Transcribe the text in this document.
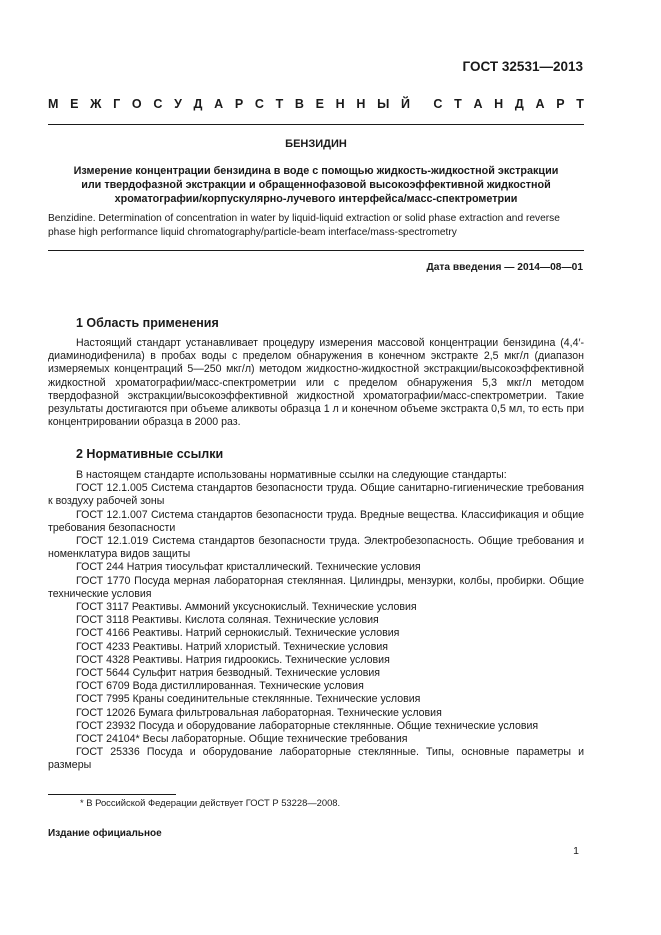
ГОСТ 32531—2013
М Е Ж Г О С У Д А Р С Т В Е Н Н Ы Й С Т А Н Д А Р Т
БЕНЗИДИН
Измерение концентрации бензидина в воде с помощью жидкость-жидкостной экстракции
или твердофазной экстракции и обращеннофазовой высокоэффективной жидкостной
хроматографии/корпускулярно-лучевого интерфейса/масс-спектрометрии
Benzidine. Determination of concentration in water by liquid-liquid extraction or solid phase extraction and reverse
phase high performance liquid chromatography/particle-beam interface/mass-spectrometry
Дата введения — 2014—08—01
1 Область применения

Настоящий стандарт устанавливает процедуру измерения массовой концентрации бензидина (4,4′-диаминодифенила) в пробах воды с пределом обнаружения в конечном экстракте 2,5 мкг/л (диапазон измеряемых концентраций 5—250 мкг/л) методом жидкостно-жидкостной экстракции/высокоэффективной жидкостной хроматографии/масс-спектрометрии или с пределом обнаружения 5,3 мкг/л методом твердофазной экстракции/высокоэффективной жидкостной хроматографии/масс-спектрометрии. Такие результаты достигаются при объеме аликвоты образца 1 л и конечном объеме экстракта 0,5 мл, то есть при концентрировании образца в 2000 раз.

2 Нормативные ссылки

В настоящем стандарте использованы нормативные ссылки на следующие стандарты:

ГОСТ 12.1.005 Система стандартов безопасности труда. Общие санитарно-гигиенические требования к воздуху рабочей зоны

ГОСТ 12.1.007 Система стандартов безопасности труда. Вредные вещества. Классификация и общие требования безопасности

ГОСТ 12.1.019 Система стандартов безопасности труда. Электробезопасность. Общие требования и номенклатура видов защиты

ГОСТ 244 Натрия тиосульфат кристаллический. Технические условия

ГОСТ 1770 Посуда мерная лабораторная стеклянная. Цилиндры, мензурки, колбы, пробирки. Общие технические условия

ГОСТ 3117 Реактивы. Аммоний уксуснокислый. Технические условия

ГОСТ 3118 Реактивы. Кислота соляная. Технические условия

ГОСТ 4166 Реактивы. Натрий сернокислый. Технические условия

ГОСТ 4233 Реактивы. Натрий хлористый. Технические условия

ГОСТ 4328 Реактивы. Натрия гидроокись. Технические условия

ГОСТ 5644 Сульфит натрия безводный. Технические условия

ГОСТ 6709 Вода дистиллированная. Технические условия

ГОСТ 7995 Краны соединительные стеклянные. Технические условия

ГОСТ 12026 Бумага фильтровальная лабораторная. Технические условия

ГОСТ 23932 Посуда и оборудование лабораторные стеклянные. Общие технические условия

ГОСТ 24104* Весы лабораторные. Общие технические требования

ГОСТ 25336 Посуда и оборудование лабораторные стеклянные. Типы, основные параметры и размеры

* В Российской Федерации действует ГОСТ Р 53228—2008.
Издание официальное
1
